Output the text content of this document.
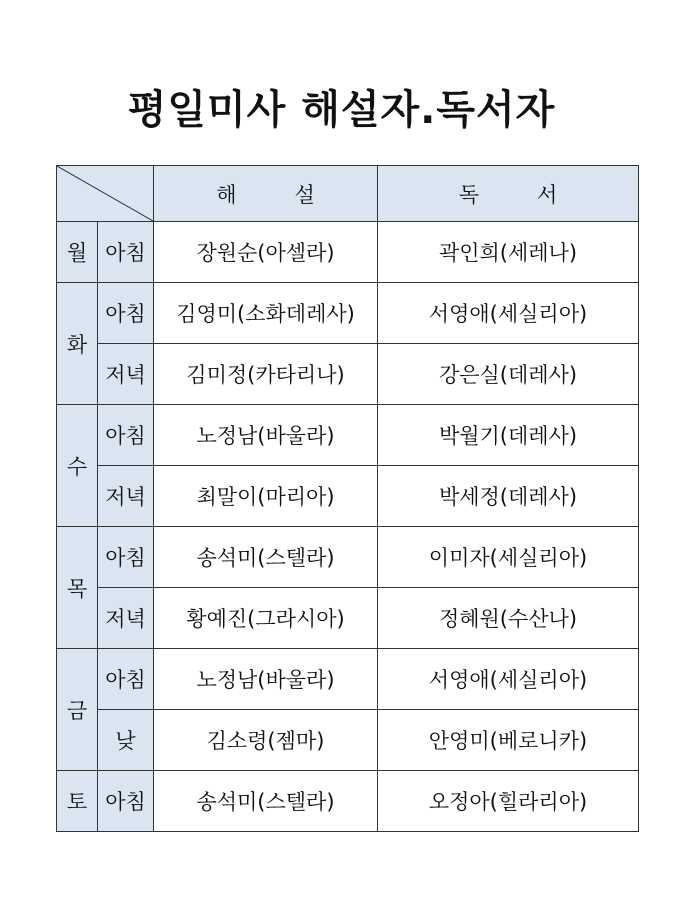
평일미사 해설자.독서자
	해 설	독 서
월	아침	장원순(아셀라)	곽인희(세레나)
화	아침	김영미(소화데레사)	서영애(세실리아)
	저녁	김미정(카타리나)	강은실(데레사)
수	아침	노정남(바울라)	박월기(데레사)
	저녁	최말이(마리아)	박세정(데레사)
목	아침	송석미(스텔라)	이미자(세실리아)
	저녁	황예진(그라시아)	정혜원(수산나)
금	아침	노정남(바울라)	서영애(세실리아)
	낮	김소령(젬마)	안영미(베로니카)
토	아침	송석미(스텔라)	오정아(힐라리아)
